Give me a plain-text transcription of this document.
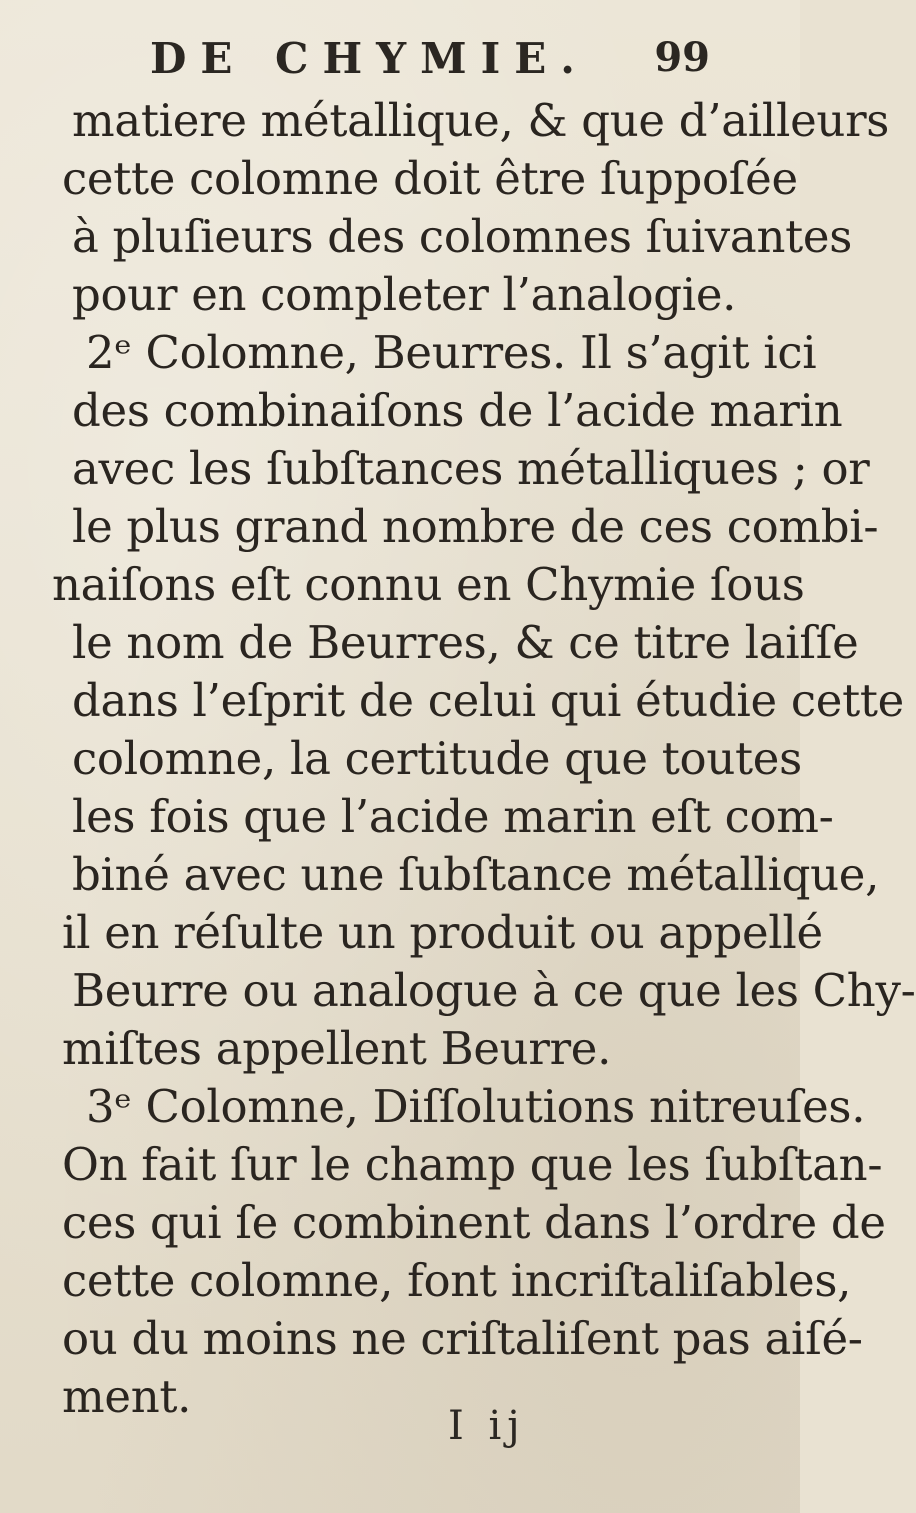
DE CHYMIE. 99
matiere métallique, & que d’ailleurs
cette colomne doit être ſuppoſée
à pluſieurs des colomnes ſuivantes
pour en completer l’analogie.
2ᵉ Colomne, Beurres. Il s’agit ici
des combinaiſons de l’acide marin
avec les ſubſtances métalliques ; or
le plus grand nombre de ces combi-
naiſons eſt connu en Chymie ſous
le nom de Beurres, & ce titre laiſſe
dans l’eſprit de celui qui étudie cette
colomne, la certitude que toutes
les fois que l’acide marin eſt com-
biné avec une ſubſtance métallique,
il en réſulte un produit ou appellé
Beurre ou analogue à ce que les Chy-
miſtes appellent Beurre.
3ᵉ Colomne, Diſſolutions nitreuſes.
On fait ſur le champ que les ſubſtan-
ces qui ſe combinent dans l’ordre de
cette colomne, font incriſtaliſables,
ou du moins ne criſtaliſent pas aiſé-
ment.
I ij
